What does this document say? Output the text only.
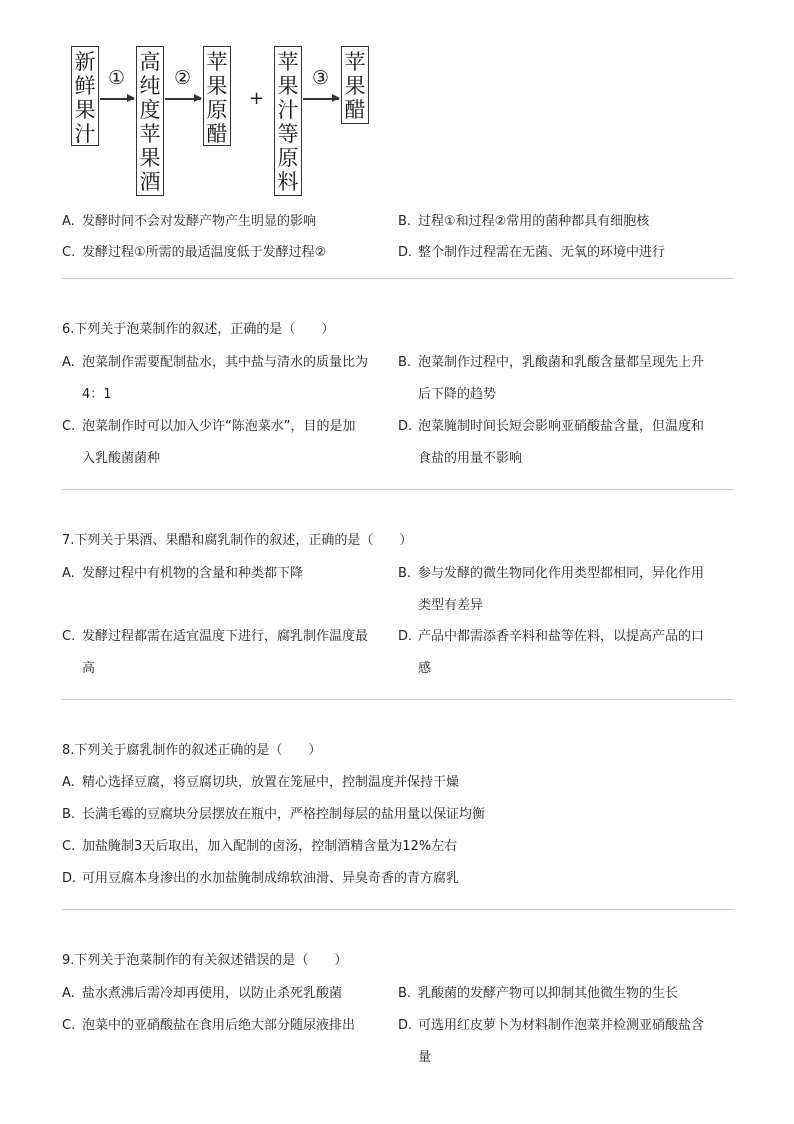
新
鲜
果
汁
①
高
纯
度
苹
果
酒
②
苹
果
原
醋
+
苹
果
汁
等
原
料
③
苹
果
醋
A. 发酵时间不会对发酵产物产生明显的影响	B. 过程①和过程②常用的菌种都具有细胞核
C. 发酵过程①所需的最适温度低于发酵过程②	D. 整个制作过程需在无菌、无氧的环境中进行
6.下列关于泡菜制作的叙述，正确的是（　　）
A. 泡菜制作需要配制盐水，其中盐与清水的质量比为
4：1
B. 泡菜制作过程中，乳酸菌和乳酸含量都呈现先上升
后下降的趋势
C. 泡菜制作时可以加入少许“陈泡菜水”，目的是加
入乳酸菌菌种
D. 泡菜腌制时间长短会影响亚硝酸盐含量，但温度和
食盐的用量不影响
7.下列关于果酒、果醋和腐乳制作的叙述，正确的是（　　）
A. 发酵过程中有机物的含量和种类都下降	B. 参与发酵的微生物同化作用类型都相同，异化作用
类型有差异
C. 发酵过程都需在适宜温度下进行，腐乳制作温度最
高
D. 产品中都需添香辛料和盐等佐料，以提高产品的口
感
8.下列关于腐乳制作的叙述正确的是（　　）
A. 精心选择豆腐，将豆腐切块，放置在笼屉中，控制温度并保持干燥
B. 长满毛霉的豆腐块分层摆放在瓶中，严格控制每层的盐用量以保证均衡
C. 加盐腌制3天后取出，加入配制的卤汤，控制酒精含量为12%左右
D. 可用豆腐本身渗出的水加盐腌制成绵软油滑、异臭奇香的青方腐乳
9.下列关于泡菜制作的有关叙述错误的是（　　）
A. 盐水煮沸后需冷却再使用，以防止杀死乳酸菌	B. 乳酸菌的发酵产物可以抑制其他微生物的生长
C. 泡菜中的亚硝酸盐在食用后绝大部分随尿液排出	D. 可选用红皮萝卜为材料制作泡菜并检测亚硝酸盐含
量
